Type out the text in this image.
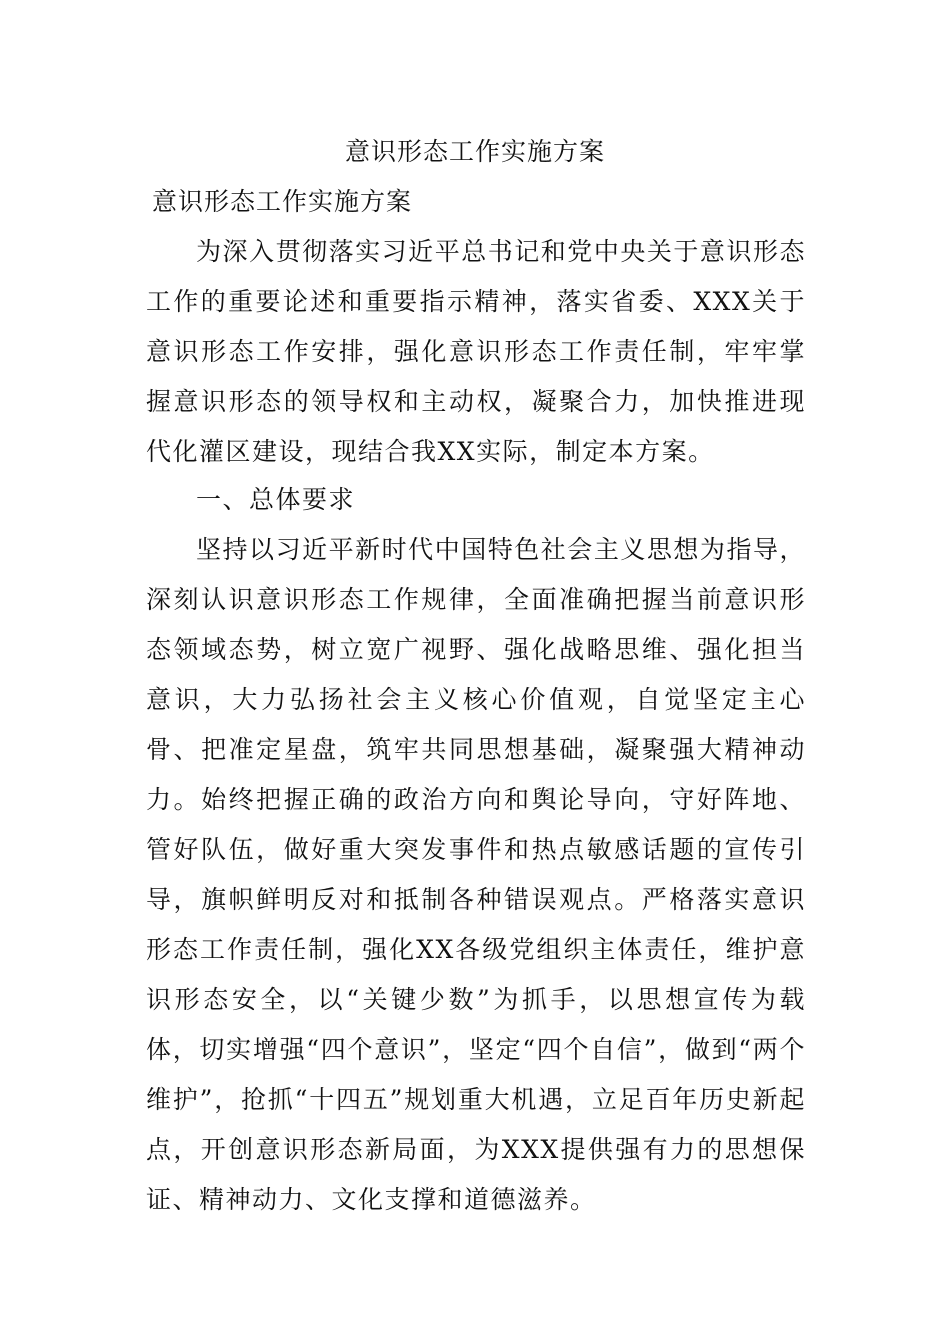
意识形态工作实施方案
意识形态工作实施方案

为深入贯彻落实习近平总书记和党中央关于意识形态工作的重要论述和重要指示精神，落实省委、XXX关于意识形态工作安排，强化意识形态工作责任制，牢牢掌握意识形态的领导权和主动权，凝聚合力，加快推进现代化灌区建设，现结合我XX实际，制定本方案。

一、总体要求

坚持以习近平新时代中国特色社会主义思想为指导，深刻认识意识形态工作规律，全面准确把握当前意识形态领域态势，树立宽广视野、强化战略思维、强化担当意识，大力弘扬社会主义核心价值观，自觉坚定主心骨、把准定星盘，筑牢共同思想基础，凝聚强大精神动力。始终把握正确的政治方向和舆论导向，守好阵地、管好队伍，做好重大突发事件和热点敏感话题的宣传引导，旗帜鲜明反对和抵制各种错误观点。严格落实意识形态工作责任制，强化XX各级党组织主体责任，维护意识形态安全，以“关键少数”为抓手，以思想宣传为载体，切实增强“四个意识”，坚定“四个自信”，做到“两个维护”，抢抓“十四五”规划重大机遇，立足百年历史新起点，开创意识形态新局面，为XXX提供强有力的思想保证、精神动力、文化支撑和道德滋养。
